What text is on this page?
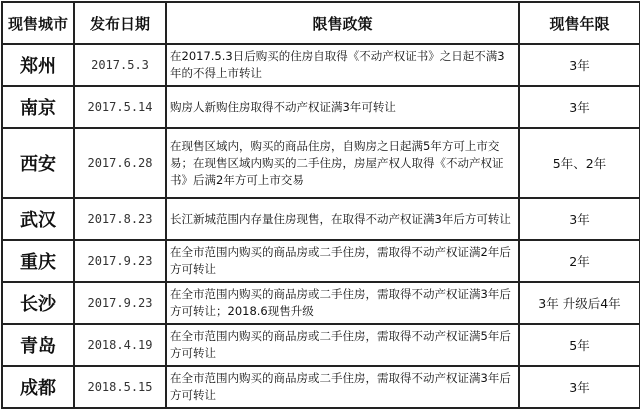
现售城市	发布日期	限售政策	现售年限
郑州	2017.5.3	在2017.5.3日后购买的住房自取得《不动产权证书》之日起不满3年的不得上市转让	3年
南京	2017.5.14	购房人新购住房取得不动产权证满3年可转让	3年
西安	2017.6.28	在现售区域内，购买的商品住房，自购房之日起满5年方可上市交易；在现售区域内购买的二手住房，房屋产权人取得《不动产权证书》后满2年方可上市交易	5年、2年
武汉	2017.8.23	长江新城范围内存量住房现售，在取得不动产权证满3年后方可转让	3年
重庆	2017.9.23	在全市范围内购买的商品房或二手住房，需取得不动产权证满2年后方可转让	2年
长沙	2017.9.23	在全市范围内购买的商品房或二手住房，需取得不动产权证满3年后方可转让；2018.6现售升级	3年 升级后4年
青岛	2018.4.19	在全市范围内购买的商品房或二手住房，需取得不动产权证满5年后方可转让	5年
成都	2018.5.15	在全市范围内购买的商品房或二手住房，需取得不动产权证满3年后方可转让	3年
